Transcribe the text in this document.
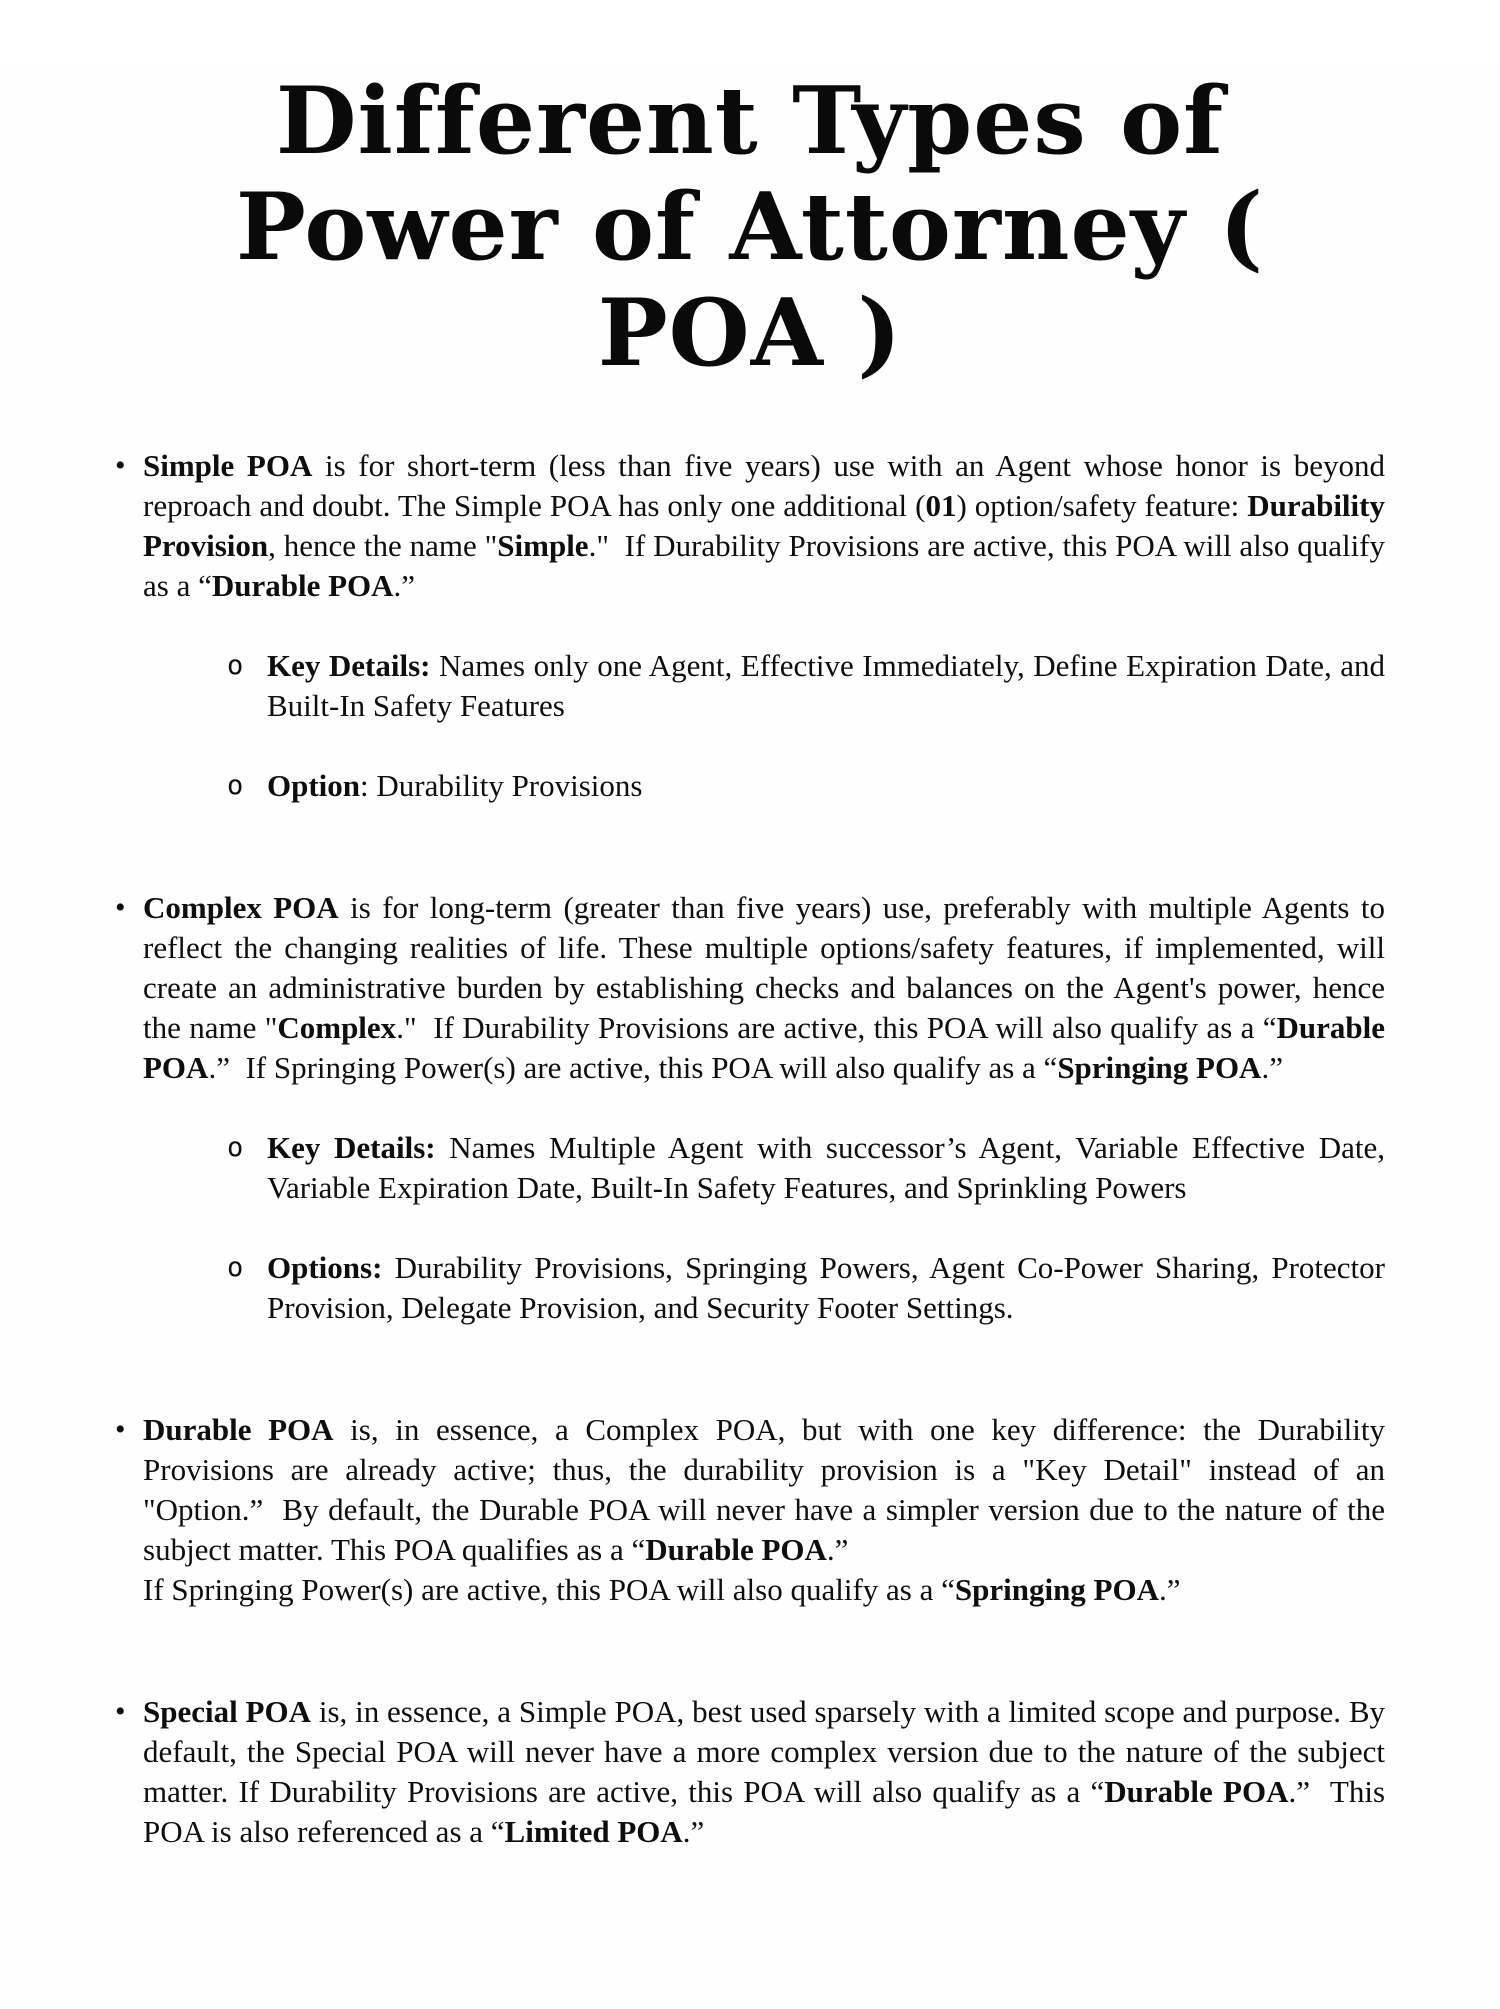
Different Types of
Power of Attorney ( POA )
• Simple POA is for short-term (less than five years) use with an Agent whose honor is beyond reproach and doubt. The Simple POA has only one additional (01) option/safety feature: Durability Provision, hence the name "Simple."  If Durability Provisions are active, this POA will also qualify as a “Durable POA.”

o Key Details: Names only one Agent, Effective Immediately, Define Expiration Date, and Built-In Safety Features

o Option: Durability Provisions

• Complex POA is for long-term (greater than five years) use, preferably with multiple Agents to reflect the changing realities of life. These multiple options/safety features, if implemented, will create an administrative burden by establishing checks and balances on the Agent's power, hence the name "Complex."  If Durability Provisions are active, this POA will also qualify as a “Durable POA.”  If Springing Power(s) are active, this POA will also qualify as a “Springing POA.”

o Key Details: Names Multiple Agent with successor’s Agent, Variable Effective Date, Variable Expiration Date, Built-In Safety Features, and Sprinkling Powers

o Options: Durability Provisions, Springing Powers, Agent Co-Power Sharing, Protector Provision, Delegate Provision, and Security Footer Settings.

• Durable POA is, in essence, a Complex POA, but with one key difference: the Durability Provisions are already active; thus, the durability provision is a "Key Detail" instead of an "Option.”  By default, the Durable POA will never have a simpler version due to the nature of the subject matter. This POA qualifies as a “Durable POA.”
If Springing Power(s) are active, this POA will also qualify as a “Springing POA.”

• Special POA is, in essence, a Simple POA, best used sparsely with a limited scope and purpose. By default, the Special POA will never have a more complex version due to the nature of the subject matter. If Durability Provisions are active, this POA will also qualify as a “Durable POA.”  This POA is also referenced as a “Limited POA.”
